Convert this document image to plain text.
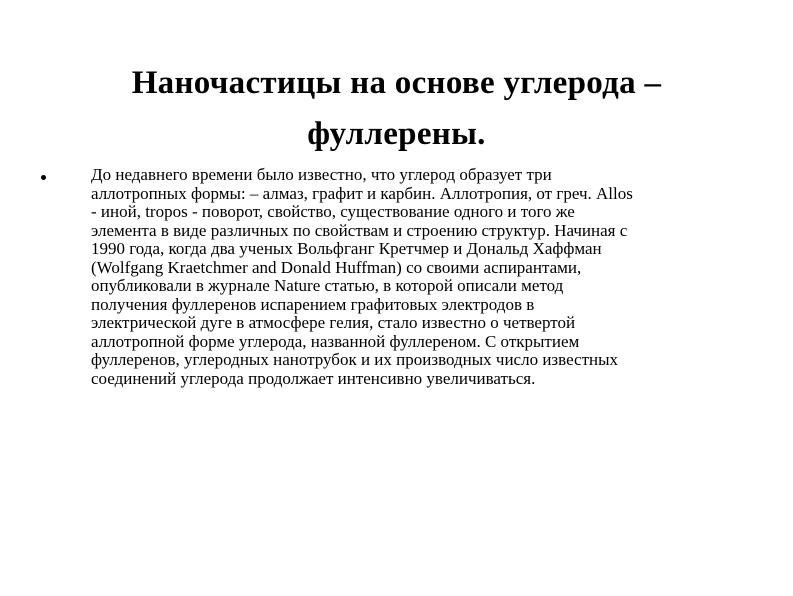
Наночастицы на основе углерода –
фуллерены.
До недавнего времени было известно, что углерод образует три
аллотропных формы: – алмаз, графит и карбин. Аллотропия, от греч. Allos
- иной, tropos - поворот, свойство, существование одного и того же
элемента в виде различных по свойствам и строению структур. Начиная с
1990 года, когда два ученых Вольфганг Кретчмер и Дональд Хаффман
(Wolfgang Kraetchmer and Donald Huffman) со своими аспирантами,
опубликовали в журнале Nature статью, в которой описали метод
получения фуллеренов испарением графитовых электродов в
электрической дуге в атмосфере гелия, стало известно о четвертой
аллотропной форме углерода, названной фуллереном. С открытием
фуллеренов, углеродных нанотрубок и их производных число известных
соединений углерода продолжает интенсивно увеличиваться.
